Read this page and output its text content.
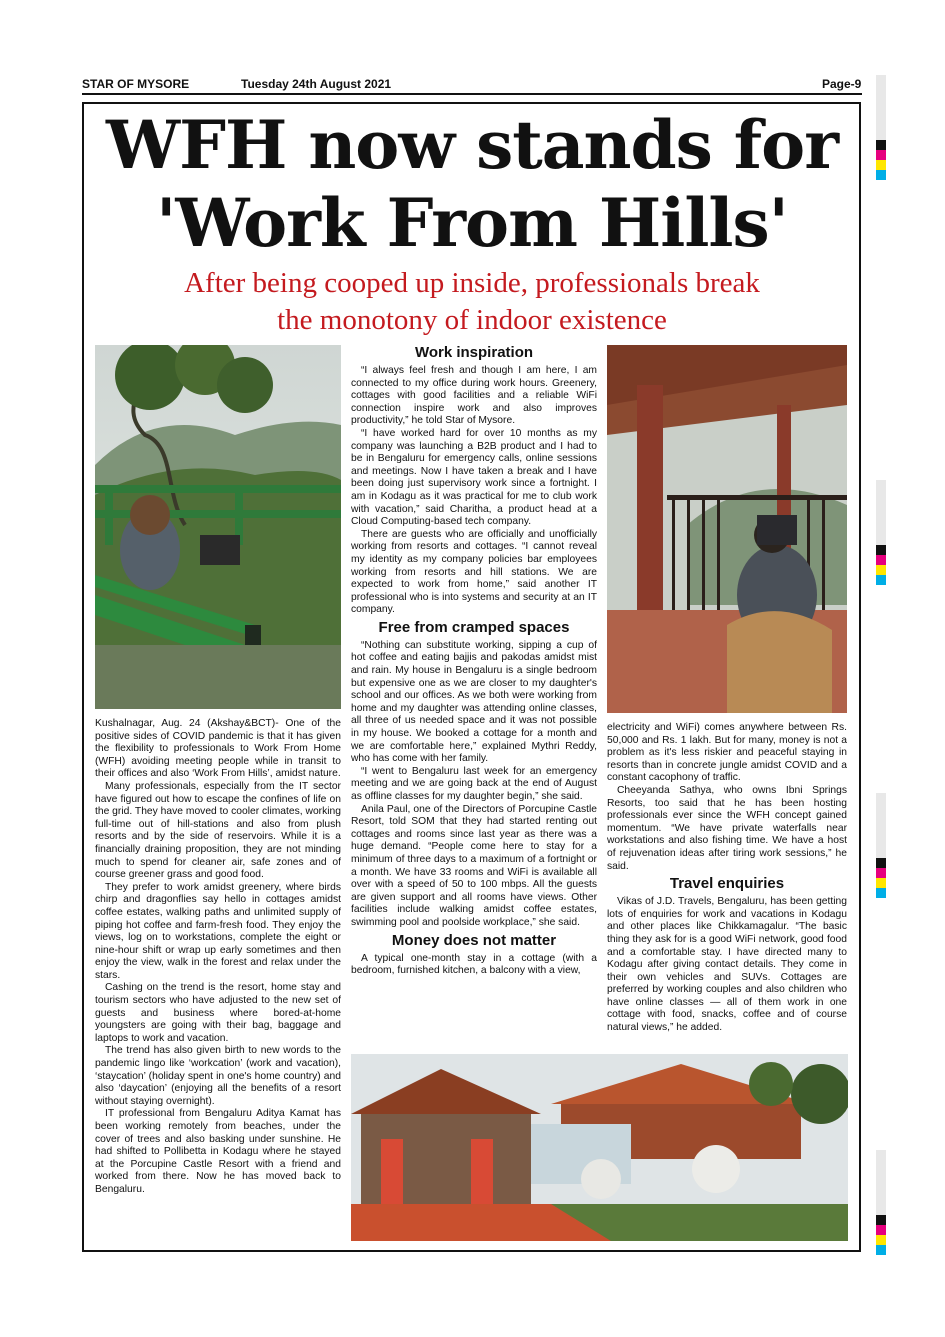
STAR OF MYSORE	Tuesday 24th August 2021	Page-9
WFH now stands for
'Work From Hills'
After being cooped up inside, professionals break
the monotony of indoor existence

Kushalnagar, Aug. 24 (Akshay&BCT)- One of the positive sides of COVID pandemic is that it has given the flexibility to professionals to Work From Home (WFH) avoiding meeting people while in transit to their offices and also ‘Work From Hills’, amidst nature.

Many professionals, especially from the IT sector have figured out how to escape the confines of life on the grid. They have moved to cooler climates, working full-time out of hill-stations and also from plush resorts and by the side of reservoirs. While it is a financially draining proposition, they are not minding much to spend for cleaner air, safe zones and of course greener grass and good food.

They prefer to work amidst greenery, where birds chirp and dragonflies say hello in cottages amidst coffee estates, walking paths and unlimited supply of piping hot coffee and farm-fresh food. They enjoy the views, log on to workstations, complete the eight or nine-hour shift or wrap up early sometimes and then enjoy the view, walk in the forest and relax under the stars.

Cashing on the trend is the resort, home stay and tourism sectors who have adjusted to the new set of guests and business where bored-at-home youngsters are going with their bag, baggage and laptops to work and vacation.

The trend has also given birth to new words to the pandemic lingo like ‘workcation’ (work and vacation), ‘staycation’ (holiday spent in one's home country) and also ‘daycation’ (enjoying all the benefits of a resort without staying overnight).

IT professional from Bengaluru Aditya Kamat has been working remotely from beaches, under the cover of trees and also basking under sunshine. He had shifted to Pollibetta in Kodagu where he stayed at the Porcupine Castle Resort with a friend and worked from there. Now he has moved back to Bengaluru.

Work inspiration

“I always feel fresh and though I am here, I am connected to my office during work hours. Greenery, cottages with good facilities and a reliable WiFi connection inspire work and also improves productivity,” he told Star of Mysore.

“I have worked hard for over 10 months as my company was launching a B2B product and I had to be in Bengaluru for emergency calls, online sessions and meetings. Now I have taken a break and I have been doing just supervisory work since a fortnight. I am in Kodagu as it was practical for me to club work with vacation,” said Charitha, a product head at a Cloud Computing-based tech company.

There are guests who are officially and unofficially working from resorts and cottages. “I cannot reveal my identity as my company policies bar employees working from resorts and hill stations. We are expected to work from home,” said another IT professional who is into systems and security at an IT company.

Free from cramped spaces

“Nothing can substitute working, sipping a cup of hot coffee and eating bajjis and pakodas amidst mist and rain. My house in Bengaluru is a single bedroom but expensive one as we are closer to my daughter's school and our offices. As we both were working from home and my daughter was attending online classes, all three of us needed space and it was not possible in my house. We booked a cottage for a month and we are comfortable here,” explained Mythri Reddy, who has come with her family.

“I went to Bengaluru last week for an emergency meeting and we are going back at the end of August as offline classes for my daughter begin,” she said.

Anila Paul, one of the Directors of Porcupine Castle Resort, told SOM that they had started renting out cottages and rooms since last year as there was a huge demand. “People come here to stay for a minimum of three days to a maximum of a fortnight or a month. We have 33 rooms and WiFi is available all over with a speed of 50 to 100 mbps. All the guests are given support and all rooms have views. Other facilities include walking amidst coffee estates, swimming pool and poolside workplace,” she said.

Money does not matter

A typical one-month stay in a cottage (with a bedroom, furnished kitchen, a balcony with a view,

electricity and WiFi) comes anywhere between Rs. 50,000 and Rs. 1 lakh. But for many, money is not a problem as it's less riskier and peaceful staying in resorts than in concrete jungle amidst COVID and a constant cacophony of traffic.

Cheeyanda Sathya, who owns Ibni Springs Resorts, too said that he has been hosting professionals ever since the WFH concept gained momentum. “We have private waterfalls near workstations and also fishing time. We have a host of rejuvenation ideas after tiring work sessions,” he said.

Travel enquiries

Vikas of J.D. Travels, Bengaluru, has been getting lots of enquiries for work and vacations in Kodagu and other places like Chikkamagalur. “The basic thing they ask for is a good WiFi network, good food and a comfortable stay. I have directed many to Kodagu after giving contact details. They come in their own vehicles and SUVs. Cottages are preferred by working couples and also children who have online classes — all of them work in one cottage with food, snacks, coffee and of course natural views,” he added.
